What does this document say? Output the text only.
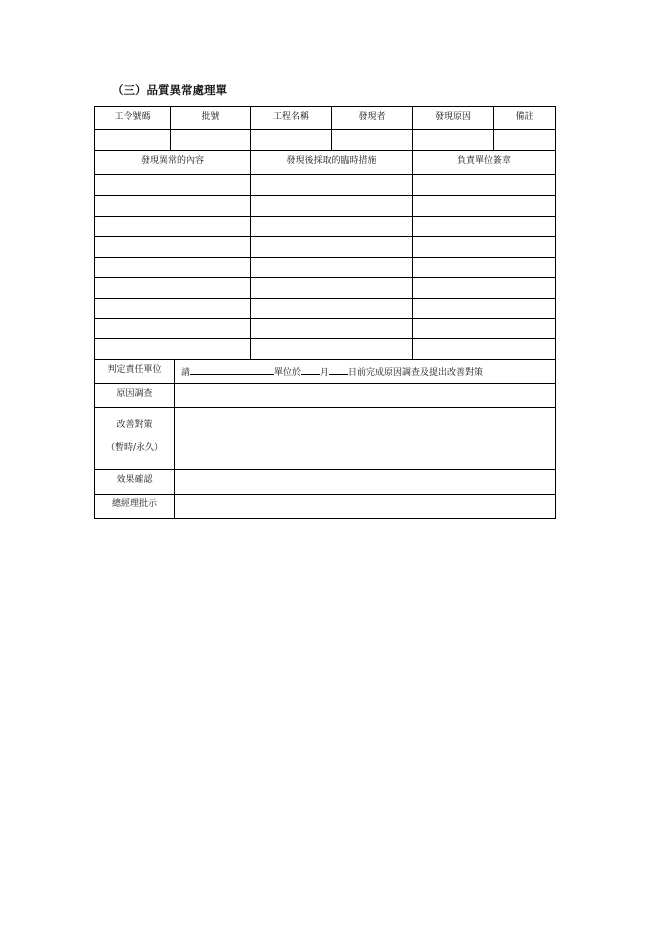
（三）品質異常處理單
工令號碼	批號	工程名稱	發現者	發現原因	備註
發現異常的內容	發現後採取的臨時措施	負責單位簽章
判定責任單位	請	單位於 月 日前完成原因調查及提出改善對策
原因調查
改善對策
（暫時/永久）
效果確認
總經理批示
